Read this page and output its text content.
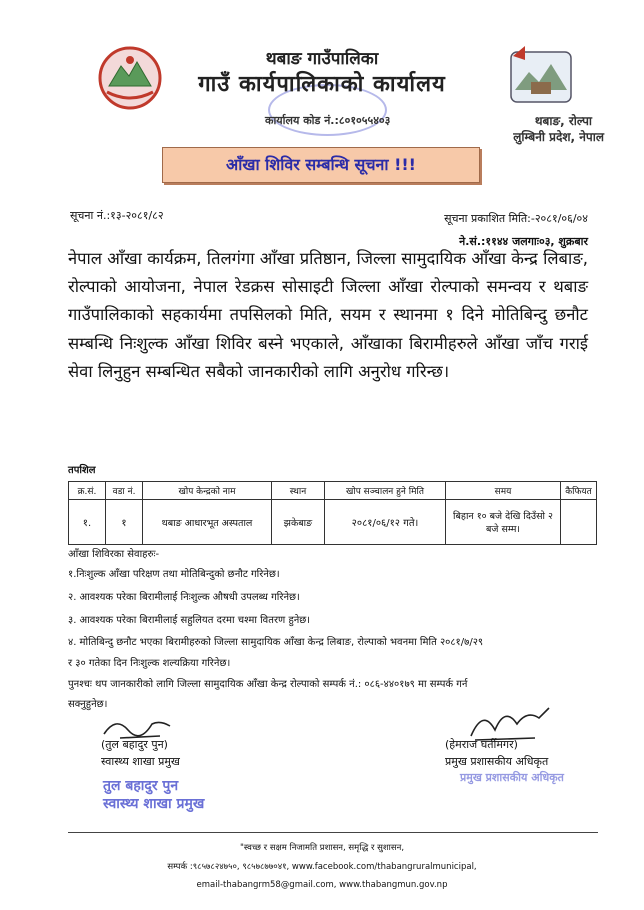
थबाङ गाउँपालिका
गाउँ कार्यपालिकाको कार्यालय
कार्यालय कोड नं.:८०१०५५४०३	थबाङ, रोल्पा
लुम्बिनी प्रदेश, नेपाल
आँखा शिविर सम्बन्धि सूचना !!!
सूचना नं.:१३-२०८१/८२	सूचना प्रकाशित मिति:-२०८१/०६/०४
ने.सं.:११४४ जलगाः०३, शुक्रबार
नेपाल आँखा कार्यक्रम, तिलगंगा आँखा प्रतिष्ठान, जिल्ला सामुदायिक आँखा केन्द्र लिबाङ, रोल्पाको आयोजना, नेपाल रेडक्रस सोसाइटी जिल्ला आँखा रोल्पाको समन्वय र थबाङ गाउँपालिकाको सहकार्यमा तपसिलको मिति, सयम र स्थानमा १ दिने मोतिबिन्दु छनौट सम्बन्धि निःशुल्क आँखा शिविर बस्ने भएकाले, आँखाका बिरामीहरुले आँखा जाँच गराई सेवा लिनुहुन सम्बन्धित सबैको जानकारीको लागि अनुरोध गरिन्छ।
तपशिल
क्र.सं.	वडा नं.	खोप केन्द्रको नाम	स्थान	खोप सञ्चालन हुने मिति	समय	कैफियत
१.	१	थबाङ आधारभूत अस्पताल	झकेबाङ	२०८१/०६/१२ गते।	बिहान १० बजे देखि दिउँसो २ बजे सम्म।	
आँखा शिविरका सेवाहरुः-
१.निःशुल्क आँखा परिक्षण तथा मोतिबिन्दुको छनौट गरिनेछ।
२. आवश्यक परेका बिरामीलाई निःशुल्क औषधी उपलब्ध गरिनेछ।
३. आवश्यक परेका बिरामीलाई सहुलियत दरमा चश्मा वितरण हुनेछ।
४. मोतिबिन्दु छनौट भएका बिरामीहरुको जिल्ला सामुदायिक आँखा केन्द्र लिबाङ, रोल्पाको भवनमा मिति २०८१/७/२९
र ३० गतेका दिन निःशुल्क शल्यक्रिया गरिनेछ।
पुनश्चः थप जानकारीको लागि जिल्ला सामुदायिक आँखा केन्द्र रोल्पाको सम्पर्क नं.: ०८६-४४०१७९ मा सम्पर्क गर्न
सक्नुहुनेछ।
(तुल बहादुर पुन)
स्वास्थ्य शाखा प्रमुख
तुल बहादुर पुन
स्वास्थ्य शाखा प्रमुख
(हेमराज घर्तीमगर)
प्रमुख प्रशासकीय अधिकृत
प्रमुख प्रशासकीय अधिकृत
"स्वच्छ र सक्षम निजामति प्रशासन, समृद्धि र सुशासन,
सम्पर्क :९८५७८२४७५०, ९८५७८७७०४१, www.facebook.com/thabangruralmunicipal,
email-thabangrm58@gmail.com, www.thabangmun.gov.np
